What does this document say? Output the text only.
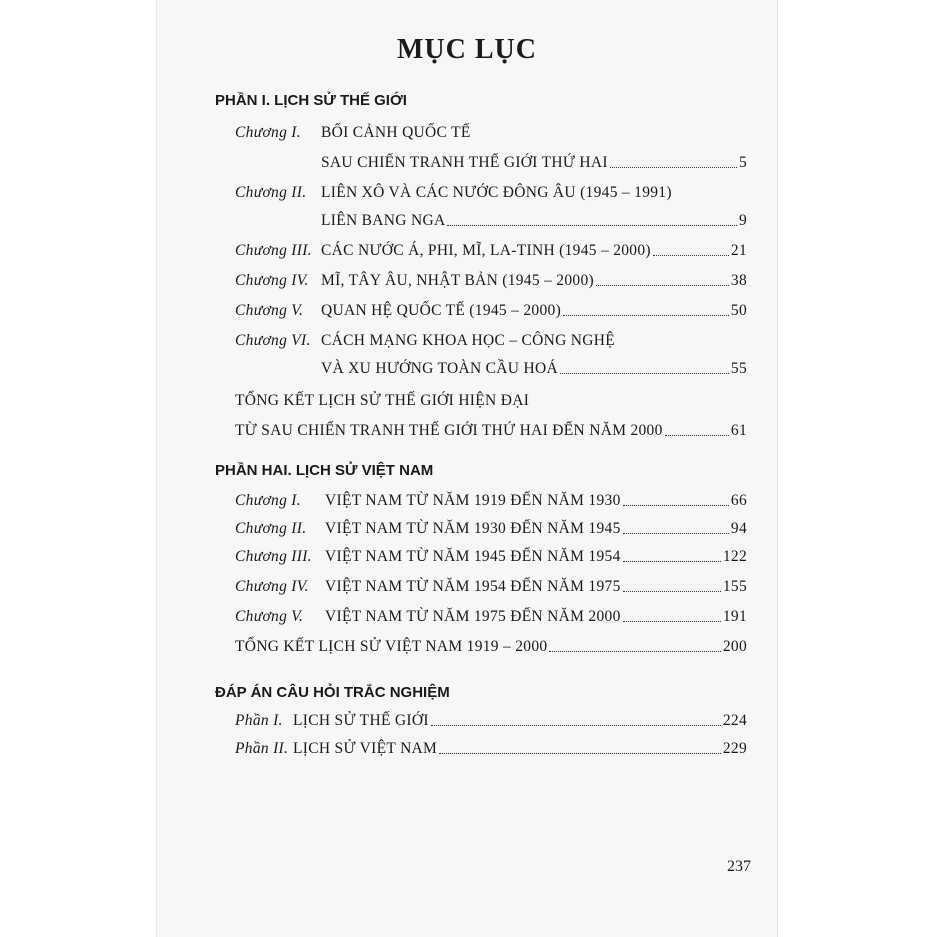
MỤC LỤC
PHẦN I. LỊCH SỬ THẾ GIỚI
Chương I.	BỐI CẢNH QUỐC TẾ
SAU CHIẾN TRANH THẾ GIỚI THỨ HAI	5
Chương II. LIÊN XÔ VÀ CÁC NƯỚC ĐÔNG ÂU (1945 – 1991)
LIÊN BANG NGA	9
Chương III. CÁC NƯỚC Á, PHI, MĨ, LA-TINH (1945 – 2000)	21
Chương IV. MĨ, TÂY ÂU, NHẬT BẢN (1945 – 2000)	38
Chương V.	QUAN HỆ QUỐC TẾ (1945 – 2000)	50
Chương VI. CÁCH MẠNG KHOA HỌC – CÔNG NGHỆ
VÀ XU HƯỚNG TOÀN CẦU HOÁ	55
TỔNG KẾT LỊCH SỬ THẾ GIỚI HIỆN ĐẠI
TỪ SAU CHIẾN TRANH THẾ GIỚI THỨ HAI ĐẾN NĂM 2000	61
PHẦN HAI. LỊCH SỬ VIỆT NAM
Chương I.	VIỆT NAM TỪ NĂM 1919 ĐẾN NĂM 1930	66
Chương II.	VIỆT NAM TỪ NĂM 1930 ĐẾN NĂM 1945	94
Chương III. VIỆT NAM TỪ NĂM 1945 ĐẾN NĂM 1954	122
Chương IV.	VIỆT NAM TỪ NĂM 1954 ĐẾN NĂM 1975	155
Chương V.	VIỆT NAM TỪ NĂM 1975 ĐẾN NĂM 2000	191
TỔNG KẾT LỊCH SỬ VIỆT NAM 1919 – 2000	200
ĐÁP ÁN CÂU HỎI TRẮC NGHIỆM
Phần I. LỊCH SỬ THẾ GIỚI	224
Phần II. LỊCH SỬ VIỆT NAM	229
237
